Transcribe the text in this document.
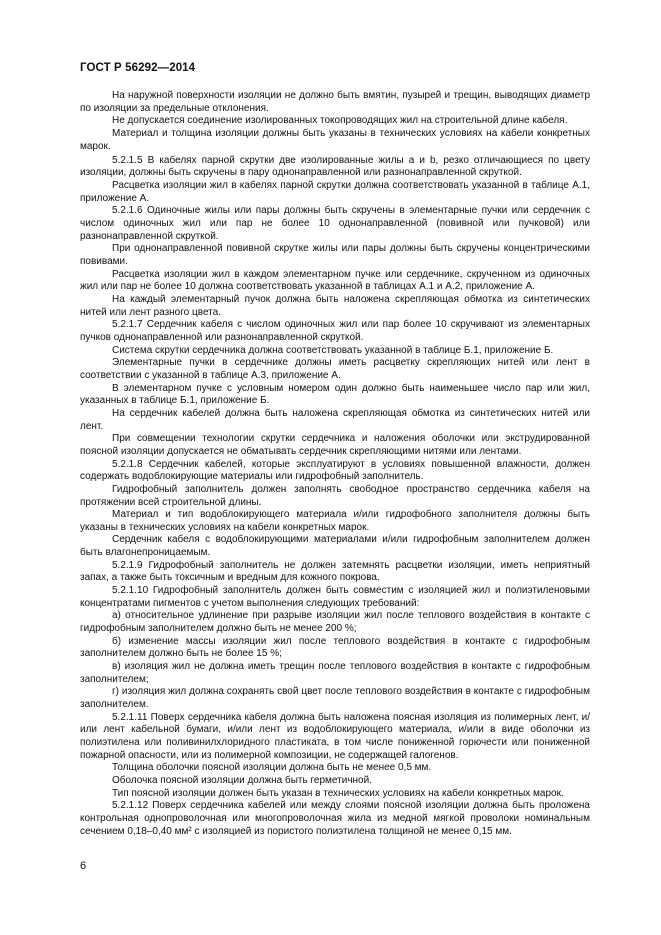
ГОСТ Р 56292—2014

На наружной поверхности изоляции не должно быть вмятин, пузырей и трещин, выводящих диаметр по изоляции за предельные отклонения.

Не допускается соединение изолированных токопроводящих жил на строительной длине кабеля.

Материал и толщина изоляции должны быть указаны в технических условиях на кабели конкретных марок.

5.2.1.5 В кабелях парной скрутки две изолированные жилы a и b, резко отличающиеся по цвету изоляции, должны быть скручены в пару однонаправленной или разнонаправленной скруткой.

Расцветка изоляции жил в кабелях парной скрутки должна соответствовать указанной в таблице А.1, приложение А.

5.2.1.6 Одиночные жилы или пары должны быть скручены в элементарные пучки или сердечник с числом одиночных жил или пар не более 10 однонаправленной (повивной или пучковой) или разнонаправленной скруткой.

При однонаправленной повивной скрутке жилы или пары должны быть скручены концентрическими повивами.

Расцветка изоляции жил в каждом элементарном пучке или сердечнике, скрученном из одиночных жил или пар не более 10 должна соответствовать указанной в таблицах А.1 и А.2, приложение А.

На каждый элементарный пучок должна быть наложена скрепляющая обмотка из синтетических нитей или лент разного цвета.

5.2.1.7 Сердечник кабеля с числом одиночных жил или пар более 10 скручивают из элементарных пучков однонаправленной или разнонаправленной скруткой.

Система скрутки сердечника должна соответствовать указанной в таблице Б.1, приложение Б.

Элементарные пучки в сердечнике должны иметь расцветку скрепляющих нитей или лент в соответствии с указанной в таблице А.3, приложение А.

В элементарном пучке с условным номером один должно быть наименьшее число пар или жил, указанных в таблице Б.1, приложение Б.

На сердечник кабелей должна быть наложена скрепляющая обмотка из синтетических нитей или лент.

При совмещении технологии скрутки сердечника и наложения оболочки или экструдированной поясной изоляции допускается не обматывать сердечник скрепляющими нитями или лентами.

5.2.1.8 Сердечник кабелей, которые эксплуатируют в условиях повышенной влажности, должен содержать водоблокирующие материалы или гидрофобный заполнитель.

Гидрофобный заполнитель должен заполнять свободное пространство сердечника кабеля на протяжении всей строительной длины.

Материал и тип водоблокирующего материала и/или гидрофобного заполнителя должны быть указаны в технических условиях на кабели конкретных марок.

Сердечник кабеля с водоблокирующими материалами и/или гидрофобным заполнителем должен быть влагонепроницаемым.

5.2.1.9 Гидрофобный заполнитель не должен затемнять расцветки изоляции, иметь неприятный запах, а также быть токсичным и вредным для кожного покрова.

5.2.1.10 Гидрофобный заполнитель должен быть совместим с изоляцией жил и полиэтиленовыми концентратами пигментов с учетом выполнения следующих требований:

а) относительное удлинение при разрыве изоляции жил после теплового воздействия в контакте с гидрофобным заполнителем должно быть не менее 200 %;

б) изменение массы изоляции жил после теплового воздействия в контакте с гидрофобным заполнителем должно быть не более 15 %;

в) изоляция жил не должна иметь трещин после теплового воздействия в контакте с гидрофобным заполнителем;

г) изоляция жил должна сохранять свой цвет после теплового воздействия в контакте с гидрофобным заполнителем.

5.2.1.11 Поверх сердечника кабеля должна быть наложена поясная изоляция из полимерных лент, и/или лент кабельной бумаги, и/или лент из водоблокирующего материала, и/или в виде оболочки из полиэтилена или поливинилхлоридного пластиката, в том числе пониженной горючести или пониженной пожарной опасности, или из полимерной композиции, не содержащей галогенов.

Толщина оболочки поясной изоляции должна быть не менее 0,5 мм.

Оболочка поясной изоляции должна быть герметичной.

Тип поясной изоляции должен быть указан в технических условиях на кабели конкретных марок.

5.2.1.12 Поверх сердечника кабелей или между слоями поясной изоляции должна быть проложена контрольная однопроволочная или многопроволочная жила из медной мягкой проволоки номинальным сечением 0,18–0,40 мм² с изоляцией из пористого полиэтилена толщиной не менее 0,15 мм.

6
